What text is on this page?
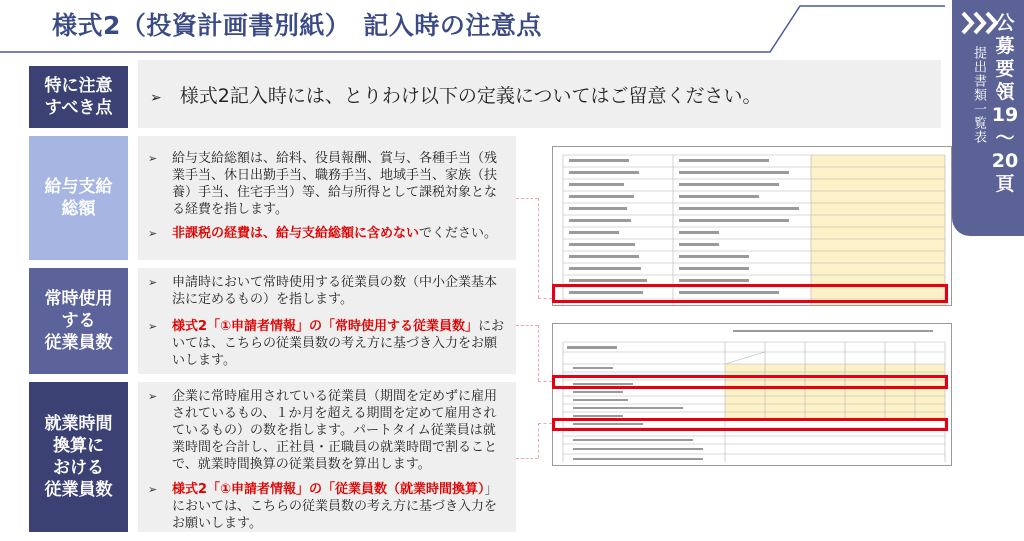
様式2（投資計画書別紙）　記入時の注意点
提出書類一覧表
公
募
要
領
19
～
20
頁
特に注意
すべき点	➢ 様式2記入時には、とりわけ以下の定義についてはご留意ください。
給与支給
総額
➢ 給与支給総額は、給料、役員報酬、賞与、各種手当（残業手当、休日出勤手当、職務手当、地域手当、家族（扶養）手当、住宅手当）等、給与所得として課税対象となる経費を指します。
➢ 非課税の経費は、給与支給総額に含めないでください。
常時使用
する
従業員数
➢ 申請時において常時使用する従業員の数（中小企業基本法に定めるもの）を指します。
➢ 様式2「①申請者情報」の「常時使用する従業員数」においては、こちらの従業員数の考え方に基づき入力をお願いします。
就業時間
換算に
おける
従業員数
➢ 企業に常時雇用されている従業員（期間を定めずに雇用されているもの、１か月を超える期間を定めて雇用されているもの）の数を指します。パートタイム従業員は就業時間を合計し、正社員・正職員の就業時間で割ることで、就業時間換算の従業員数を算出します。
➢ 様式2「①申請者情報」の「従業員数（就業時間換算）」においては、こちらの従業員数の考え方に基づき入力をお願いします。
